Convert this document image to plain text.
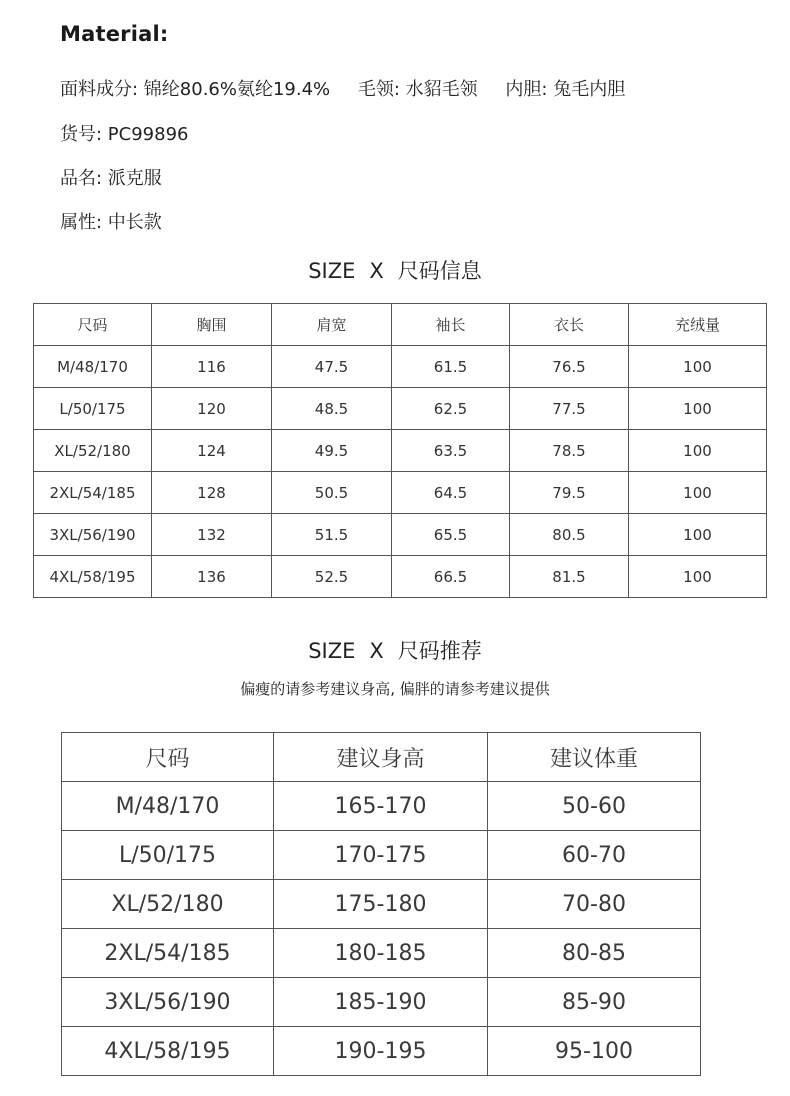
Material:
面料成分: 锦纶80.6%氨纶19.4% 毛领: 水貂毛领 内胆: 兔毛内胆
货号: PC99896
品名: 派克服
属性: 中长款
SIZE X 尺码信息
尺码	胸围	肩宽	袖长	衣长	充绒量
M/48/170	116	47.5	61.5	76.5	100
L/50/175	120	48.5	62.5	77.5	100
XL/52/180	124	49.5	63.5	78.5	100
2XL/54/185	128	50.5	64.5	79.5	100
3XL/56/190	132	51.5	65.5	80.5	100
4XL/58/195	136	52.5	66.5	81.5	100
SIZE X 尺码推荐
偏瘦的请参考建议身高, 偏胖的请参考建议提供
尺码	建议身高	建议体重
M/48/170	165-170	50-60
L/50/175	170-175	60-70
XL/52/180	175-180	70-80
2XL/54/185	180-185	80-85
3XL/56/190	185-190	85-90
4XL/58/195	190-195	95-100
